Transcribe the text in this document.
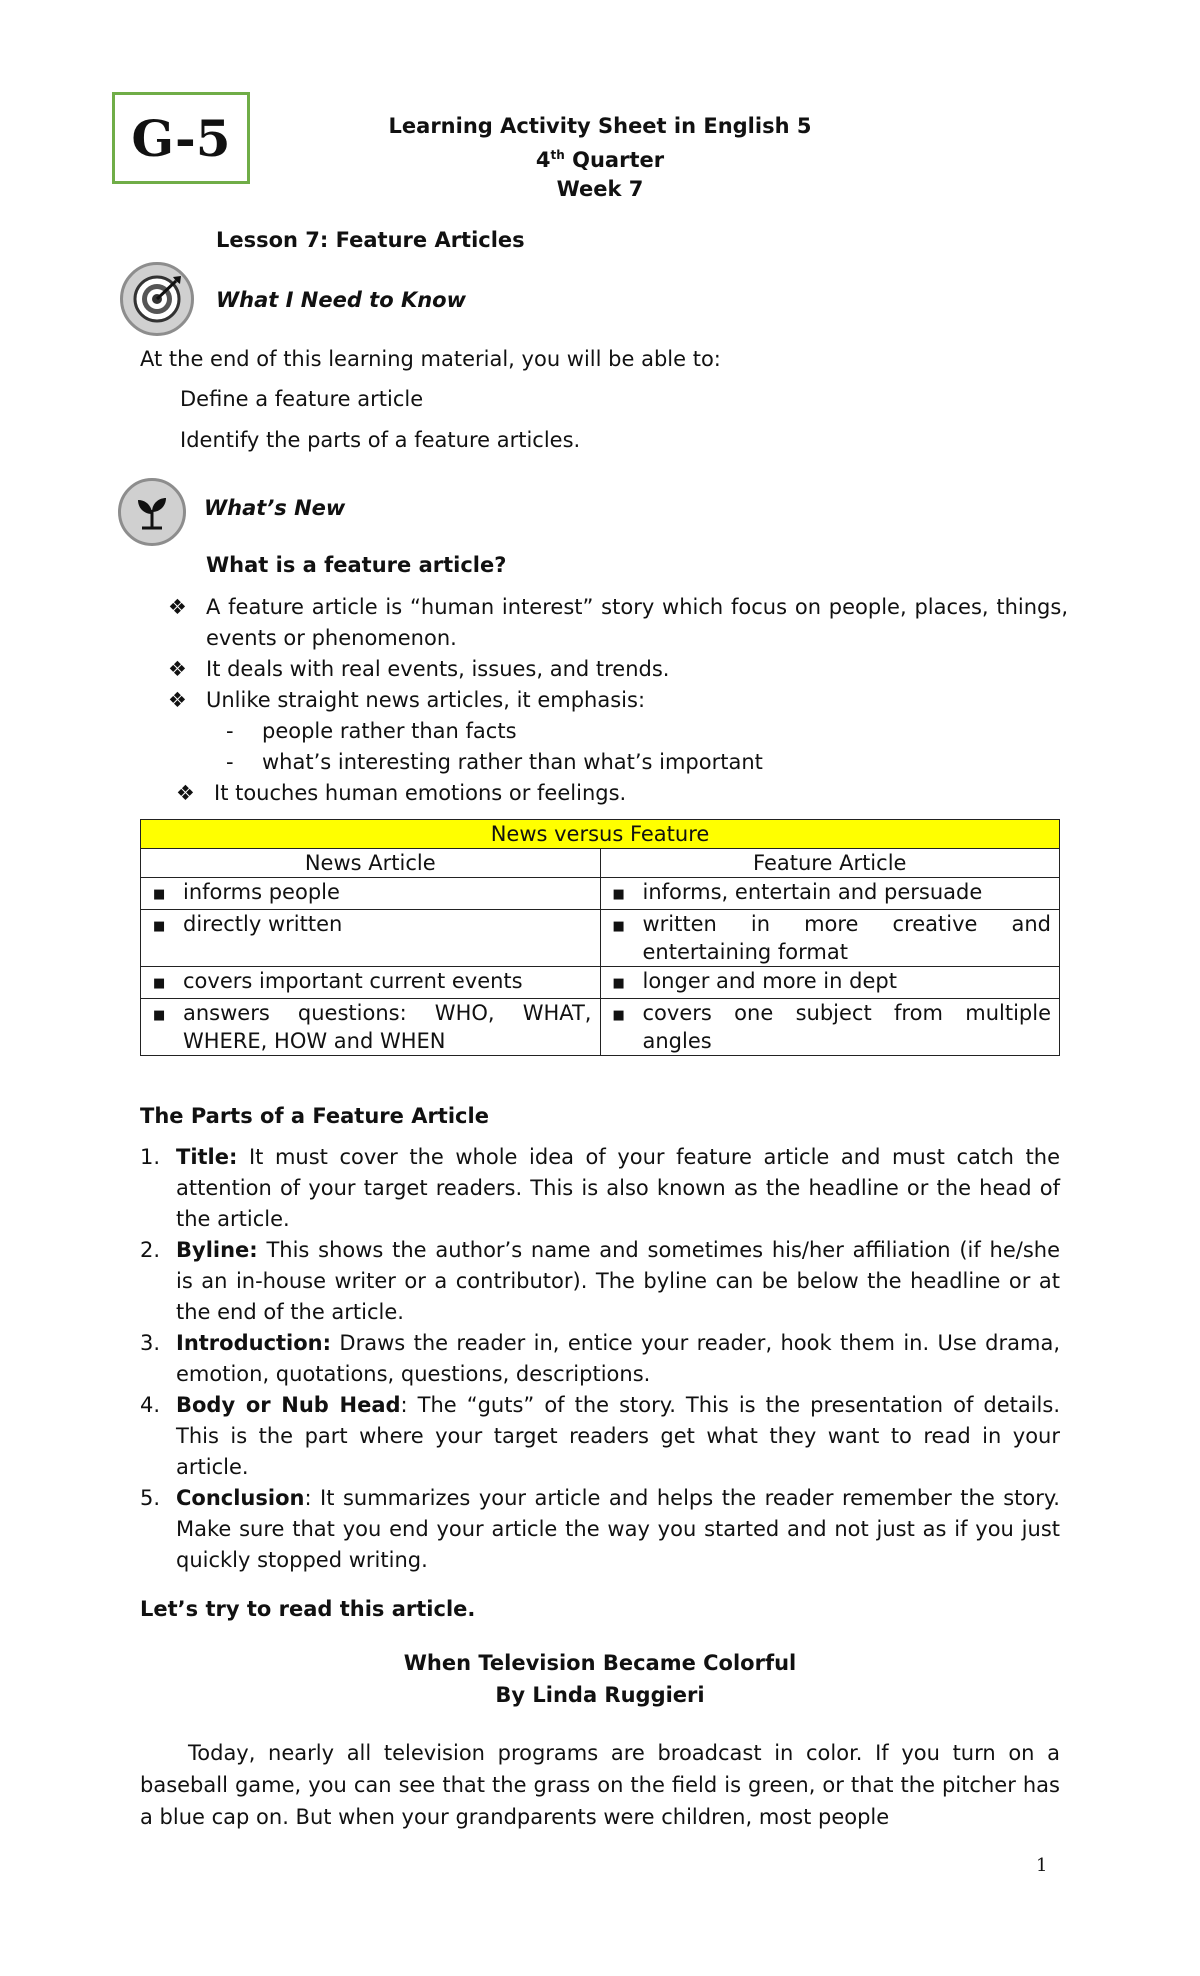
G-5	Learning Activity Sheet in English 5
4th Quarter
Week 7
Lesson 7: Feature Articles
What I Need to Know
At the end of this learning material, you will be able to:
Define a feature article
Identify the parts of a feature articles.
What’s New
What is a feature article?
❖ A feature article is “human interest” story which focus on people, places, things, events or phenomenon.
❖ It deals with real events, issues, and trends.
❖ Unlike straight news articles, it emphasis:
-	people rather than facts
-	what’s interesting rather than what’s important
❖ It touches human emotions or feelings.
News versus Feature	
News Article	Feature Article

■ informs people	■ informs, entertain and persuade

■ directly written	■ written in more creative and entertaining format

■ covers important current events	■ longer and more in dept

■ answers questions: WHO, WHAT, WHERE, HOW and WHEN	■ covers one subject from multiple angles
The Parts of a Feature Article
1. Title: It must cover the whole idea of your feature article and must catch the attention of your target readers. This is also known as the headline or the head of the article.
2. Byline: This shows the author’s name and sometimes his/her affiliation (if he/she is an in-house writer or a contributor). The byline can be below the headline or at the end of the article.
3. Introduction: Draws the reader in, entice your reader, hook them in. Use drama, emotion, quotations, questions, descriptions.
4. Body or Nub Head: The “guts” of the story. This is the presentation of details. This is the part where your target readers get what they want to read in your article.
5. Conclusion: It summarizes your article and helps the reader remember the story. Make sure that you end your article the way you started and not just as if you just quickly stopped writing.
Let’s try to read this article.
When Television Became Colorful
By Linda Ruggieri
Today, nearly all television programs are broadcast in color. If you turn on a baseball game, you can see that the grass on the field is green, or that the pitcher has a blue cap on. But when your grandparents were children, most people
1
